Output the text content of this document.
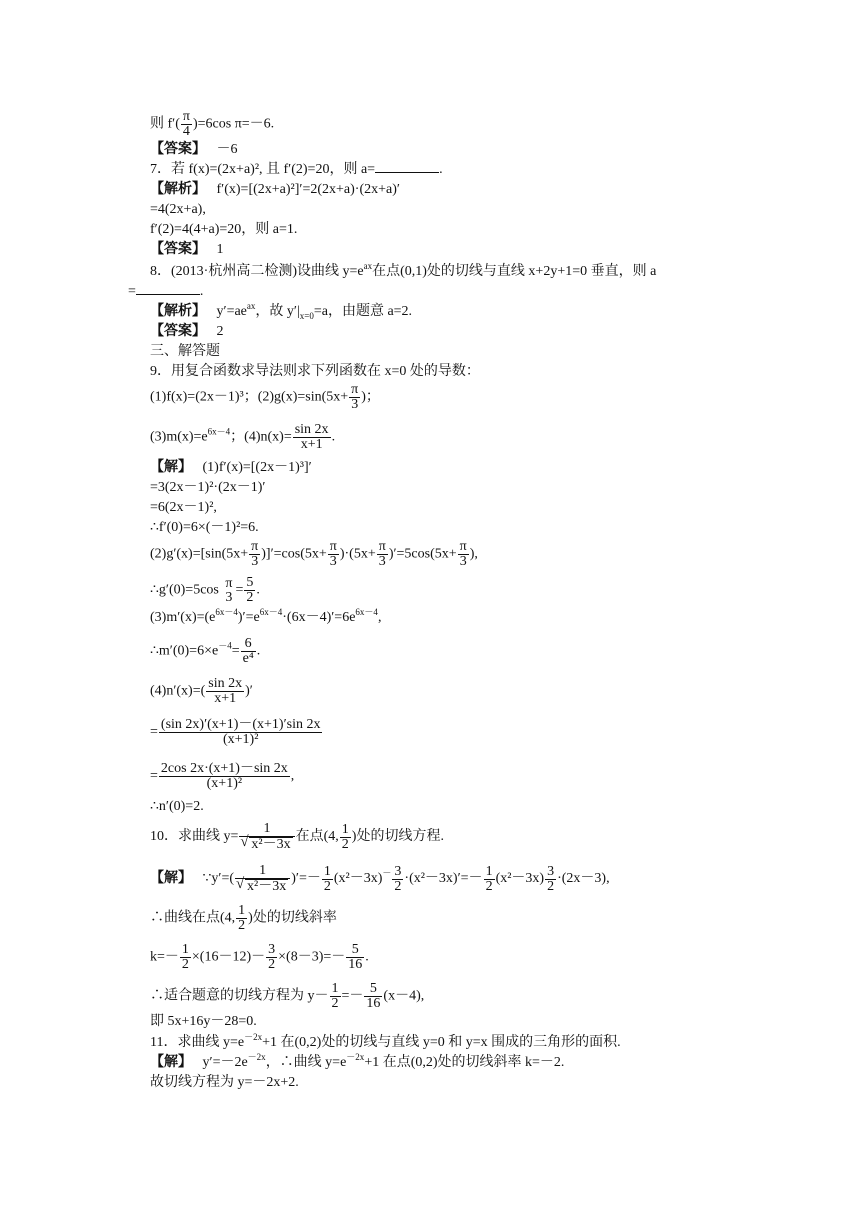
则 $f'( \frac{\pi}{4} )=6\cos$ π=－6.
【答案】 －6
7．若 f(x)=(2x+a)², 且 f′(2)=20，则 a=	.
【解析】 f′(x)=[(2x+a)²]′=2(2x+a)·(2x+a)′
=4(2x+a),
f′(2)=4(4+a)=20，则 a=1.
【答案】 1
8．(2013·杭州高二检测)设曲线 $y=e^{ax}$在点(0,1)处的切线与直线 x+2y+1=0 垂直，则 a
=	.
【解析】 $y'=ae^{ax}$，故 $y'|_{x=0}=a$，由题意 a=2.
【答案】 2
三、解答题
9．用复合函数求导法则求下列函数在 x=0 处的导数：
(1)f(x)=(2x－1)³；$(2)g(x)=\sin(5x+ \frac{\pi}{3}$ )；
$(3)m(x)=e^{6x-4}$；$(4)n(x)= \frac{\sin 2x}{x+1}$ .
【解】 (1)f′(x)=[(2x－1)³]′
=3(2x－1)²·(2x－1)′
=6(2x－1)²,
∴f′(0)=6×(－1)²=6.
$(2)g'(x)=[\sin(5x+ \frac{\pi}{3} )]'=\cos(5x+ \frac{\pi}{3} )\cdot(5x+ \frac{\pi}{3} )'=5\cos(5x+ \frac{\pi}{3}$ ),
∴g′(0)=5cos π
$3 = \frac{5}{2}$ .
$(3)m'(x)=(e^{6x-4})'=e^{6x-4}\cdot(6x-4)'=6e^{6x-4}$,
$\therefore m'(0)=6\times e^{-4}= \frac{6}{\text{e⁴}}$ .
$(4)n'(x)=( \frac{\sin 2x}{x+1}$ )′
= $\frac{(\sin 2x)'(x+1)-(x+1)'\sin 2x}{\text{(x+1)²}}$
= $\frac{2\cos 2x\cdot(x+1)-\sin 2x}{\text{(x+1)²}}$ ,
∴n′(0)=2.
10．求曲线 y= 1
√ x²－3x 在点(4, $\frac{1}{2}$ )处的切线方程.
【解】 ∵y′=( 1
√ x²－3x )′=－ $\frac{1}{2} (x^2-3x)^- \frac{3}{2} \cdot(x^2-3x)'=- \frac{1}{2} (x^2-3x) \frac{3}{2} \cdot(2x-3)$,
∴曲线在点(4, $\frac{1}{2}$ )处的切线斜率
$k=- \frac{1}{2} \times(16-12)- \frac{3}{2} \times(8-3)=- \frac{5}{16}$ .
∴适合题意的切线方程为 $y- \frac{1}{2} =- \frac{5}{16} (x-4)$,
即 5x+16y－28=0.
11．求曲线 $y=e^{-2x}+1$ 在(0,2)处的切线与直线 y=0 和 y=x 围成的三角形的面积.
【解】 $y'=-2e^{-2x}$，∴曲线 $y=e^{-2x}+1$ 在点(0,2)处的切线斜率 k=－2.
故切线方程为 y=－2x+2.
